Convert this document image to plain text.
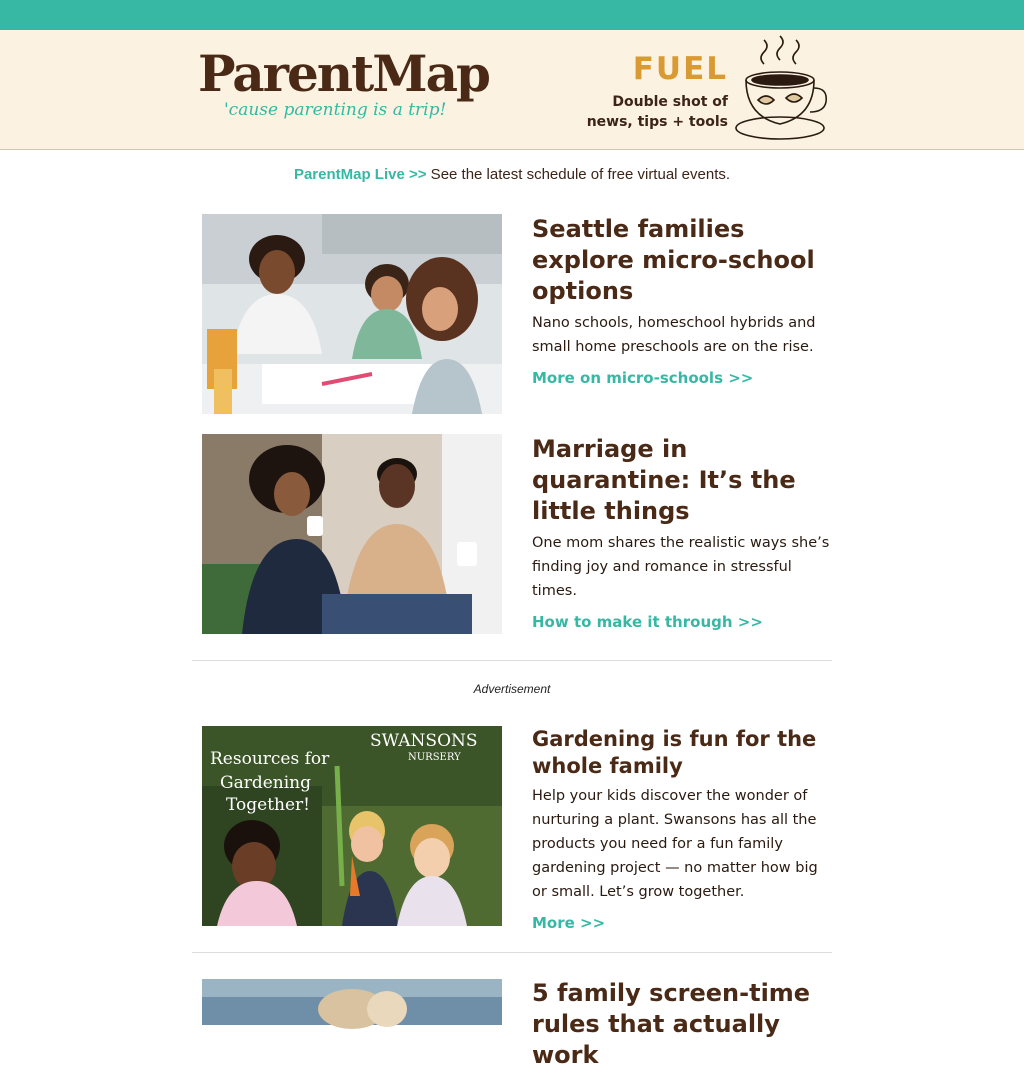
ParentMap
'cause parenting is a trip!
FUEL
Double shot of
news, tips + tools
ParentMap Live >> See the latest schedule of free virtual events.
Seattle families explore micro-school options
Nano schools, homeschool hybrids and small home preschools are on the rise.
More on micro-schools >>
Marriage in quarantine: It’s the little things
One mom shares the realistic ways she’s finding joy and romance in stressful times.
How to make it through >>
Advertisement
Resources for
Gardening
Together!
SWANSONS
NURSERY
Gardening is fun for the whole family
Help your kids discover the wonder of nurturing a plant. Swansons has all the products you need for a fun family gardening project — no matter how big or small. Let’s grow together.
More >>
5 family screen-time rules that actually work
